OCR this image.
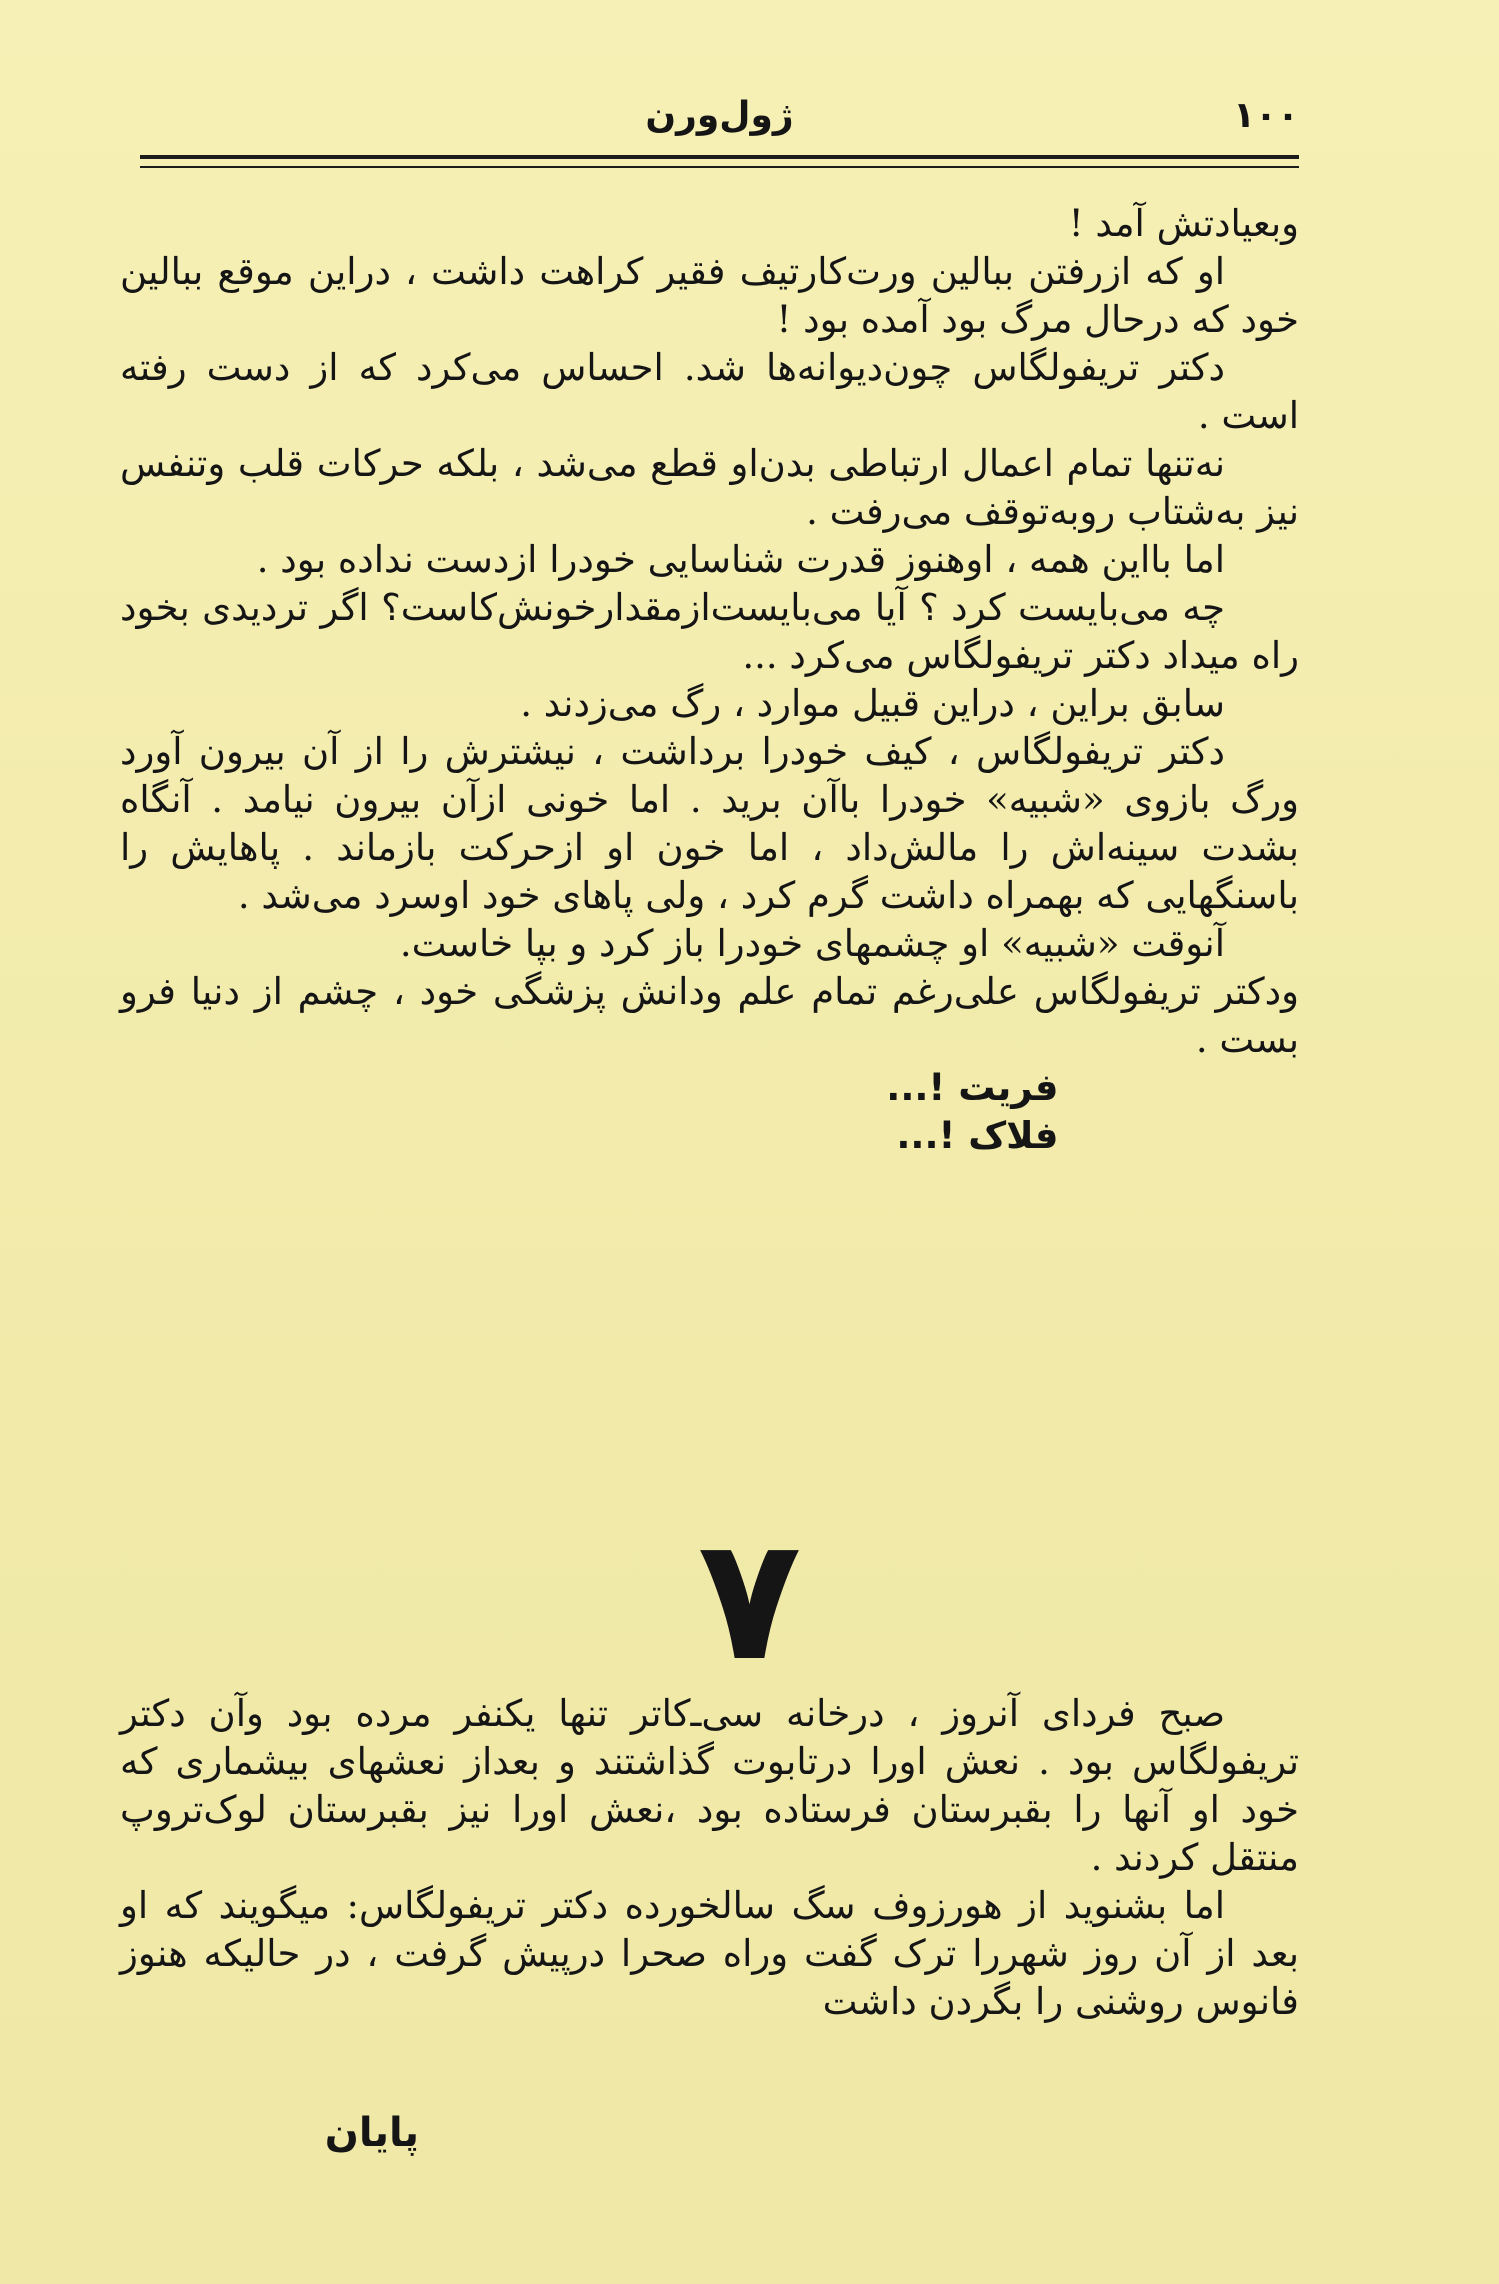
۱۰۰
ژول‌ورن

وبعیادتش آمد !

او که ازرفتن ببالین ورت‌کارتیف فقیر کراهت داشت ، دراین موقع ببالین خود که درحال مرگ بود آمده بود !

دکتر تریفولگاس چون‌دیوانه‌ها شد. احساس می‌کرد که از دست رفته است .

نه‌تنها تمام اعمال ارتباطی بدن‌او قطع می‌شد ، بلکه حرکات قلب وتنفس نیز به‌شتاب روبه‌توقف می‌رفت .

اما بااین همه ، اوهنوز قدرت شناسایی خودرا ازدست نداده بود .

چه می‌بایست کرد ؟ آیا می‌بایست‌ازمقدارخونش‌کاست؟ اگر تردیدی بخود راه میداد دکتر تریفولگاس می‌کرد ...

سابق براین ، دراین قبیل موارد ، رگ می‌زدند .

دکتر تریفولگاس ، کیف خودرا برداشت ، نیشترش را از آن بیرون آورد ورگ بازوی «شبیه» خودرا باآن برید . اما خونی ازآن بیرون نیامد . آنگاه بشدت سینه‌اش را مالش‌داد ، اما خون او ازحرکت بازماند . پاهایش را باسنگهایی که بهمراه داشت گرم کرد ، ولی پاهای خود اوسرد می‌شد .

آنوقت «شبیه» او چشمهای خودرا باز کرد و بپا خاست.

ودکتر تریفولگاس علی‌رغم تمام علم ودانش پزشگی خود ، چشم از دنیا فرو بست .

فریت !...

فلاک !...

۷

صبح فردای آنروز ، درخانه سی‌ـ‌کاتر تنها یکنفر مرده بود وآن دکتر تریفولگاس بود . نعش اورا درتابوت گذاشتند و بعداز نعشهای بیشماری که خود او آنها را بقبرستان فرستاده بود ،نعش اورا نیز بقبرستان لوک‌تروپ منتقل کردند .

اما بشنوید از هورزوف سگ سالخورده دکتر تریفولگاس: میگویند که او بعد از آن روز شهررا ترک گفت وراه صحرا درپیش گرفت ، در حالیکه هنوز فانوس روشنی را بگردن داشت

پایان
